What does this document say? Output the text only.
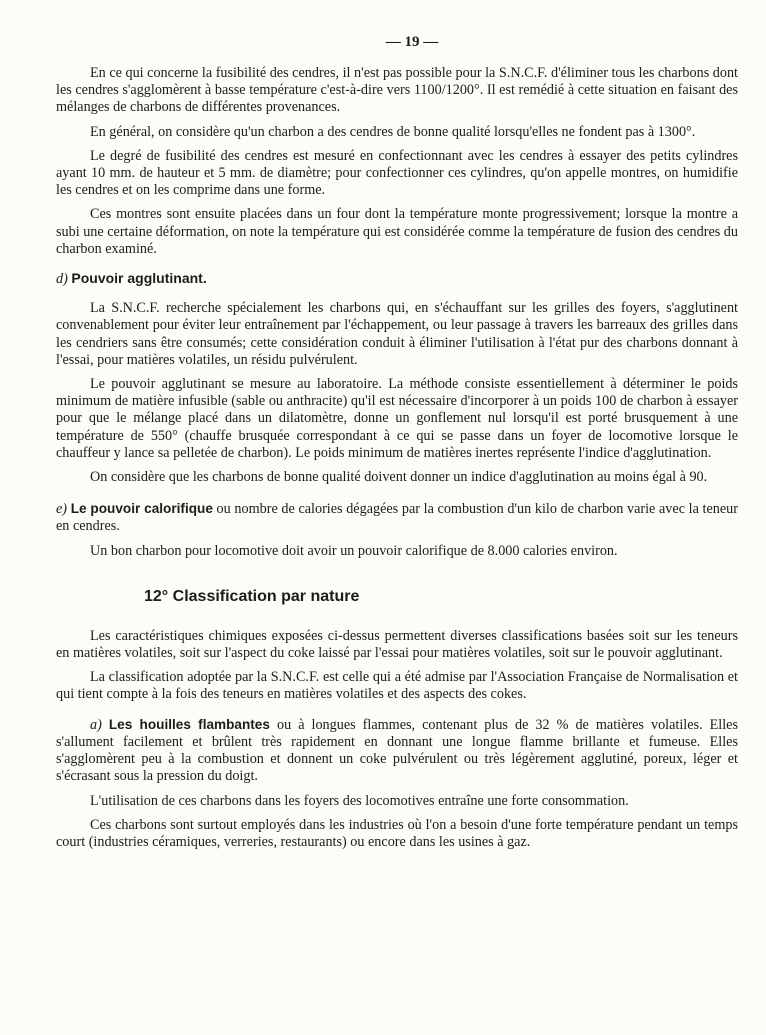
— 19 —

En ce qui concerne la fusibilité des cendres, il n'est pas possible pour la S.N.C.F. d'éliminer tous les charbons dont les cendres s'agglomèrent à basse température c'est-à-dire vers 1100/1200°. Il est remédié à cette situation en faisant des mélanges de charbons de différentes provenances.

En général, on considère qu'un charbon a des cendres de bonne qualité lorsqu'elles ne fondent pas à 1300°.

Le degré de fusibilité des cendres est mesuré en confectionnant avec les cendres à essayer des petits cylindres ayant 10 mm. de hauteur et 5 mm. de diamètre; pour confectionner ces cylindres, qu'on appelle montres, on humidifie les cendres et on les comprime dans une forme.

Ces montres sont ensuite placées dans un four dont la température monte progressivement; lorsque la montre a subi une certaine déformation, on note la température qui est considérée comme la température de fusion des cendres du charbon examiné.

d) Pouvoir agglutinant.

La S.N.C.F. recherche spécialement les charbons qui, en s'échauffant sur les grilles des foyers, s'agglutinent convenablement pour éviter leur entraînement par l'échappement, ou leur passage à travers les barreaux des grilles dans les cendriers sans être consumés; cette considération conduit à éliminer l'utilisation à l'état pur des charbons donnant à l'essai, pour matières volatiles, un résidu pulvérulent.

Le pouvoir agglutinant se mesure au laboratoire. La méthode consiste essentiellement à déterminer le poids minimum de matière infusible (sable ou anthracite) qu'il est nécessaire d'incorporer à un poids 100 de charbon à essayer pour que le mélange placé dans un dilatomètre, donne un gonflement nul lorsqu'il est porté brusquement à une température de 550° (chauffe brusquée correspondant à ce qui se passe dans un foyer de locomotive lorsque le chauffeur y lance sa pelletée de charbon). Le poids minimum de matières inertes représente l'indice d'agglutination.

On considère que les charbons de bonne qualité doivent donner un indice d'agglutination au moins égal à 90.

e) Le pouvoir calorifique ou nombre de calories dégagées par la combustion d'un kilo de charbon varie avec la teneur en cendres.

Un bon charbon pour locomotive doit avoir un pouvoir calorifique de 8.000 calories environ.

12° Classification par nature

Les caractéristiques chimiques exposées ci-dessus permettent diverses classifications basées soit sur les teneurs en matières volatiles, soit sur l'aspect du coke laissé par l'essai pour matières volatiles, soit sur le pouvoir agglutinant.

La classification adoptée par la S.N.C.F. est celle qui a été admise par l'Association Française de Normalisation et qui tient compte à la fois des teneurs en matières volatiles et des aspects des cokes.

a) Les houilles flambantes ou à longues flammes, contenant plus de 32 % de matières volatiles. Elles s'allument facilement et brûlent très rapidement en donnant une longue flamme brillante et fumeuse. Elles s'agglomèrent peu à la combustion et donnent un coke pulvérulent ou très légèrement agglutiné, poreux, léger et s'écrasant sous la pression du doigt.

L'utilisation de ces charbons dans les foyers des locomotives entraîne une forte consommation.

Ces charbons sont surtout employés dans les industries où l'on a besoin d'une forte température pendant un temps court (industries céramiques, verreries, restaurants) ou encore dans les usines à gaz.
